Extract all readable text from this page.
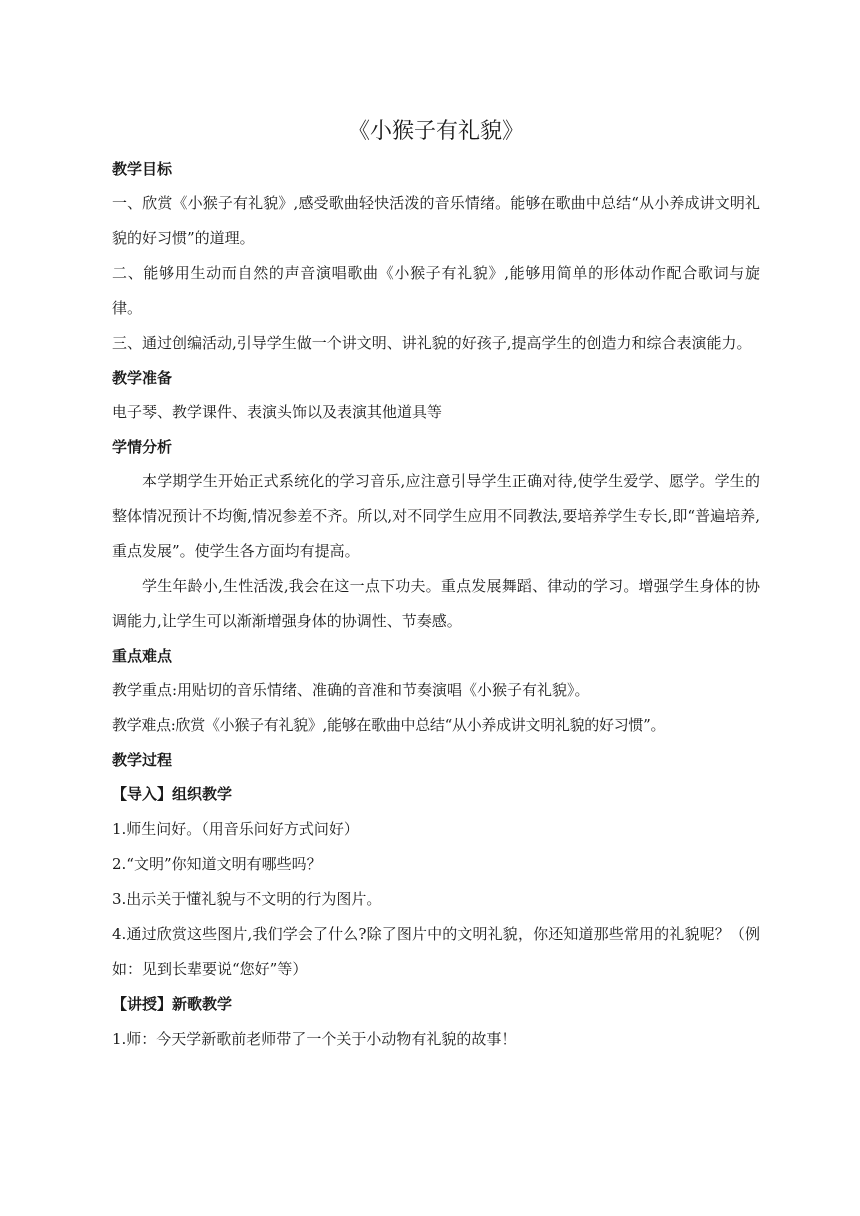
《小猴子有礼貌》
教学目标

一、欣赏《小猴子有礼貌》,感受歌曲轻快活泼的音乐情绪。能够在歌曲中总结“从小养成讲文明礼貌的好习惯”的道理。

二、能够用生动而自然的声音演唱歌曲《小猴子有礼貌》,能够用简单的形体动作配合歌词与旋律。

三、通过创编活动,引导学生做一个讲文明、讲礼貌的好孩子,提高学生的创造力和综合表演能力。

教学准备

电子琴、教学课件、表演头饰以及表演其他道具等

学情分析

本学期学生开始正式系统化的学习音乐,应注意引导学生正确对待,使学生爱学、愿学。学生的整体情况预计不均衡,情况参差不齐。所以,对不同学生应用不同教法,要培养学生专长,即“普遍培养,重点发展”。使学生各方面均有提高。

学生年龄小,生性活泼,我会在这一点下功夫。重点发展舞蹈、律动的学习。增强学生身体的协调能力,让学生可以渐渐增强身体的协调性、节奏感。

重点难点

教学重点:用贴切的音乐情绪、准确的音准和节奏演唱《小猴子有礼貌》。

教学难点:欣赏《小猴子有礼貌》,能够在歌曲中总结“从小养成讲文明礼貌的好习惯”。

教学过程
【导入】组织教学

1.师生问好。（用音乐问好方式问好）

2.“文明”你知道文明有哪些吗？

3.出示关于懂礼貌与不文明的行为图片。

4.通过欣赏这些图片,我们学会了什么?除了图片中的文明礼貌，你还知道那些常用的礼貌呢？（例如：见到长辈要说“您好”等）

【讲授】新歌教学

1.师：今天学新歌前老师带了一个关于小动物有礼貌的故事！
